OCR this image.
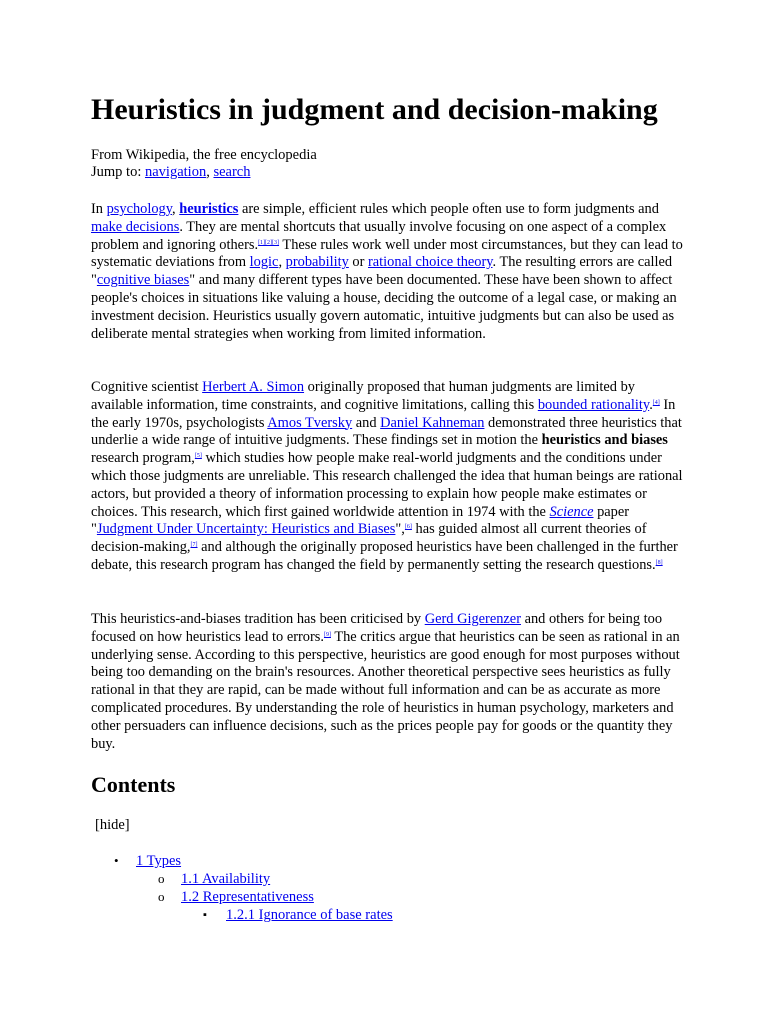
Heuristics in judgment and decision-making
From Wikipedia, the free encyclopedia
Jump to: navigation, search

In psychology, heuristics are simple, efficient rules which people often use to form judgments and make decisions. They are mental shortcuts that usually involve focusing on one aspect of a complex problem and ignoring others.[1][2][3] These rules work well under most circumstances, but they can lead to systematic deviations from logic, probability or rational choice theory. The resulting errors are called "cognitive biases" and many different types have been documented. These have been shown to affect people's choices in situations like valuing a house, deciding the outcome of a legal case, or making an investment decision. Heuristics usually govern automatic, intuitive judgments but can also be used as deliberate mental strategies when working from limited information.

Cognitive scientist Herbert A. Simon originally proposed that human judgments are limited by available information, time constraints, and cognitive limitations, calling this bounded rationality.[4] In the early 1970s, psychologists Amos Tversky and Daniel Kahneman demonstrated three heuristics that underlie a wide range of intuitive judgments. These findings set in motion the heuristics and biases research program,[5] which studies how people make real-world judgments and the conditions under which those judgments are unreliable. This research challenged the idea that human beings are rational actors, but provided a theory of information processing to explain how people make estimates or choices. This research, which first gained worldwide attention in 1974 with the Science paper "Judgment Under Uncertainty: Heuristics and Biases",[6] has guided almost all current theories of decision-making,[7] and although the originally proposed heuristics have been challenged in the further debate, this research program has changed the field by permanently setting the research questions.[8]

This heuristics-and-biases tradition has been criticised by Gerd Gigerenzer and others for being too focused on how heuristics lead to errors.[9] The critics argue that heuristics can be seen as rational in an underlying sense. According to this perspective, heuristics are good enough for most purposes without being too demanding on the brain's resources. Another theoretical perspective sees heuristics as fully rational in that they are rapid, can be made without full information and can be as accurate as more complicated procedures. By understanding the role of heuristics in human psychology, marketers and other persuaders can influence decisions, such as the prices people pay for goods or the quantity they buy.

Contents
[hide]
• 1 Types
o 1.1 Availability
o 1.2 Representativeness
▪ 1.2.1 Ignorance of base rates
